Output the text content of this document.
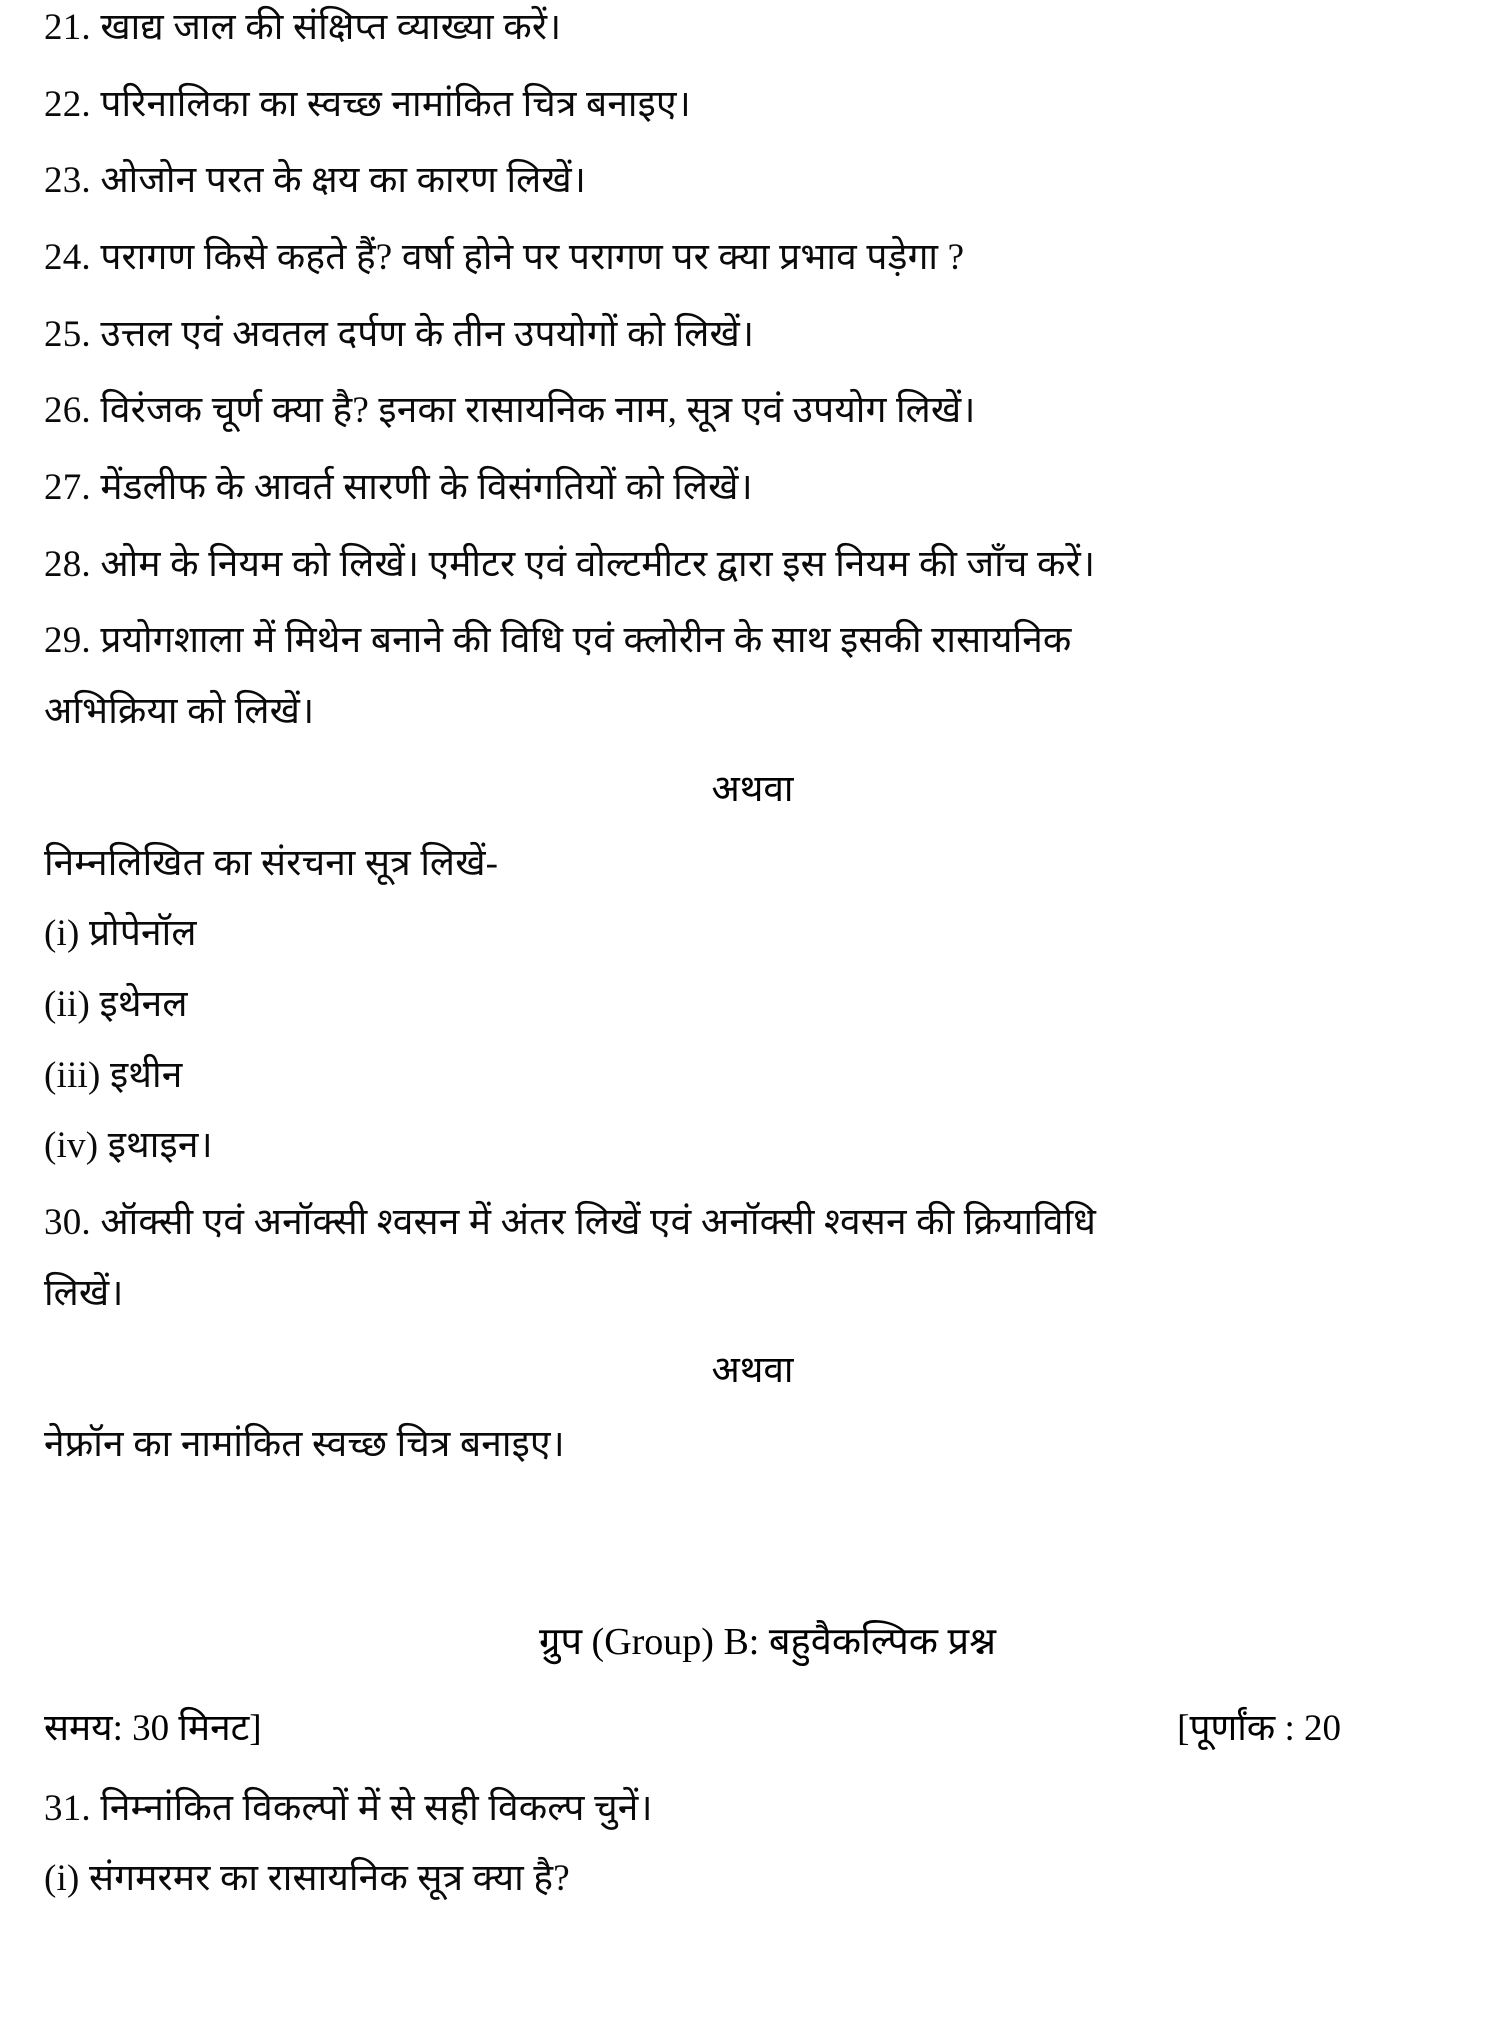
21. खाद्य जाल की संक्षिप्त व्याख्या करें।
22. परिनालिका का स्वच्छ नामांकित चित्र बनाइए।
23. ओजोन परत के क्षय का कारण लिखें।
24. परागण किसे कहते हैं? वर्षा होने पर परागण पर क्या प्रभाव पड़ेगा ?
25. उत्तल एवं अवतल दर्पण के तीन उपयोगों को लिखें।
26. विरंजक चूर्ण क्या है? इनका रासायनिक नाम, सूत्र एवं उपयोग लिखें।
27. मेंडलीफ के आवर्त सारणी के विसंगतियों को लिखें।
28. ओम के नियम को लिखें। एमीटर एवं वोल्टमीटर द्वारा इस नियम की जाँच करें।
29. प्रयोगशाला में मिथेन बनाने की विधि एवं क्लोरीन के साथ इसकी रासायनिक
अभिक्रिया को लिखें।
अथवा
निम्नलिखित का संरचना सूत्र लिखें-
(i) प्रोपेनॉल
(ii) इथेनल
(iii) इथीन
(iv) इथाइन।
30. ऑक्सी एवं अनॉक्सी श्वसन में अंतर लिखें एवं अनॉक्सी श्वसन की क्रियाविधि
लिखें।
अथवा
नेफ्रॉन का नामांकित स्वच्छ चित्र बनाइए।
ग्रुप (Group) B: बहुवैकल्पिक प्रश्न
समय: 30 मिनट]	[पूर्णांक : 20
31. निम्नांकित विकल्पों में से सही विकल्प चुनें।
(i) संगमरमर का रासायनिक सूत्र क्या है?
